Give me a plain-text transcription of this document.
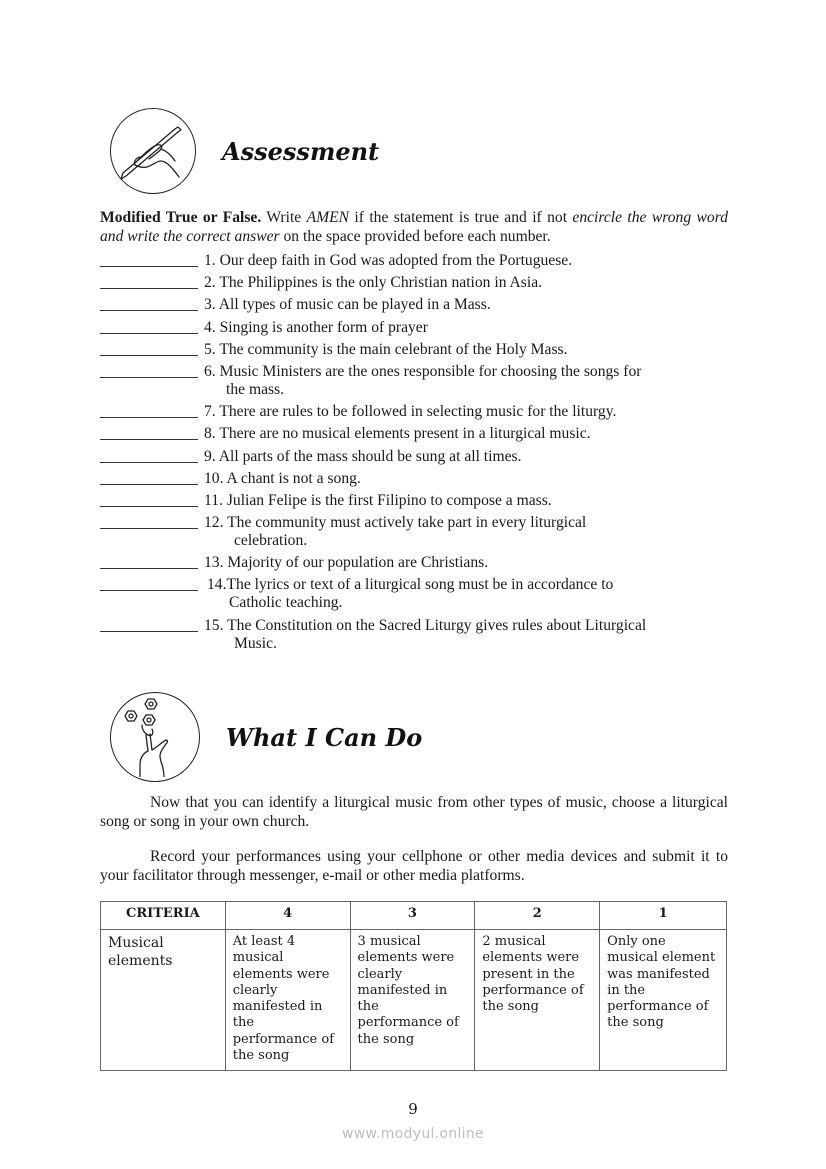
Assessment
Modified True or False. Write AMEN if the statement is true and if not encircle the wrong word and write the correct answer on the space provided before each number.
1. Our deep faith in God was adopted from the Portuguese.
2. The Philippines is the only Christian nation in Asia.
3. All types of music can be played in a Mass.
4. Singing is another form of prayer
5. The community is the main celebrant of the Holy Mass.
6. Music Ministers are the ones responsible for choosing the songs for
the mass.
7. There are rules to be followed in selecting music for the liturgy.
8. There are no musical elements present in a liturgical music.
9. All parts of the mass should be sung at all times.
10. A chant is not a song.
11. Julian Felipe is the first Filipino to compose a mass.
12. The community must actively take part in every liturgical
celebration.
13. Majority of our population are Christians.
14.The lyrics or text of a liturgical song must be in accordance to
Catholic teaching.
15. The Constitution on the Sacred Liturgy gives rules about Liturgical
Music.
What I Can Do
Now that you can identify a liturgical music from other types of music, choose a liturgical song or song in your own church.
Record your performances using your cellphone or other media devices and submit it to your facilitator through messenger, e-mail or other media platforms.
CRITERIA	4	3	2	1
Musical elements	At least 4 musical elements were clearly manifested in the performance of the song	3 musical elements were clearly manifested in the performance of the song	2 musical elements were present in the performance of the song	Only one musical element was manifested in the performance of the song
9
www.modyul.online
